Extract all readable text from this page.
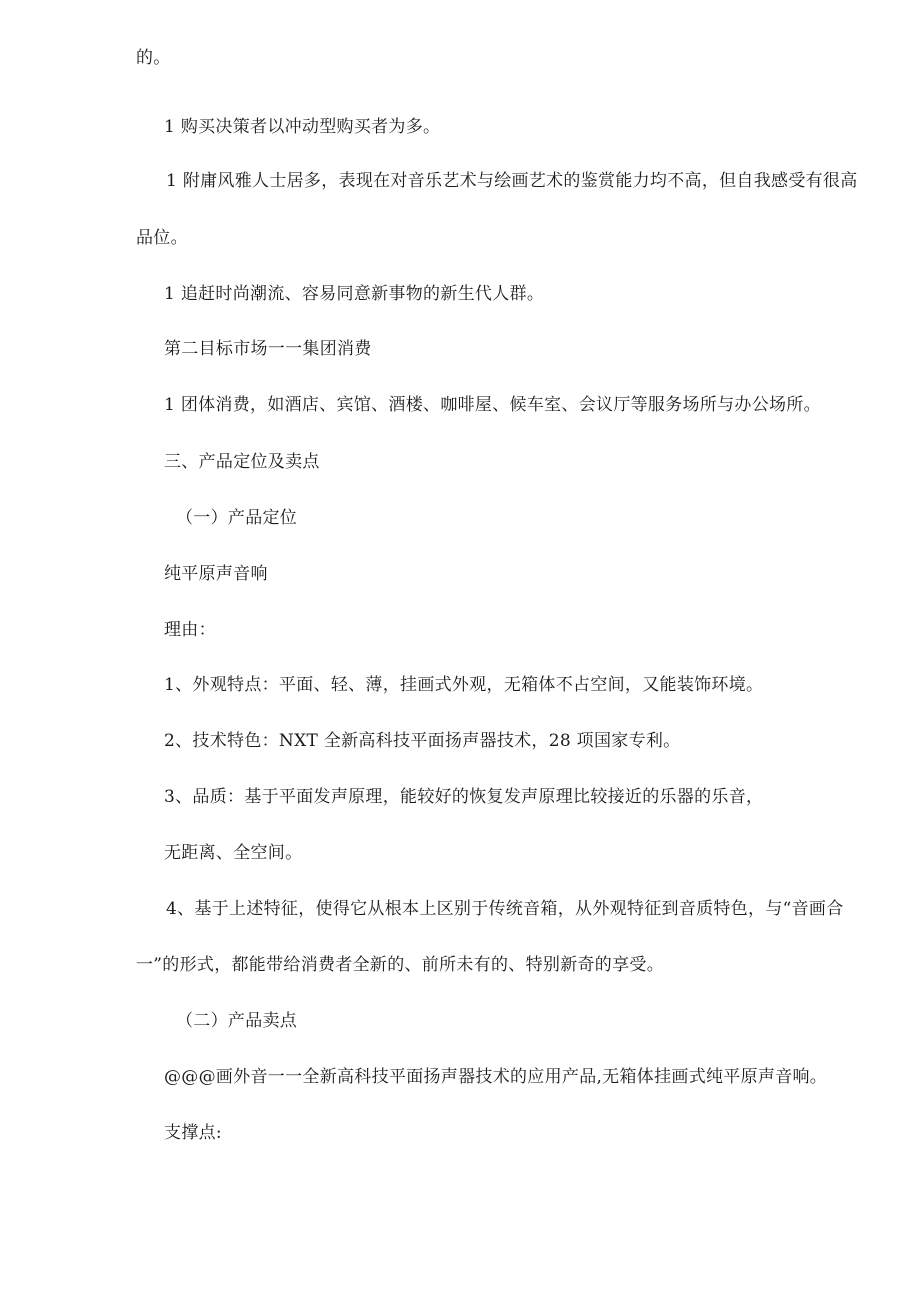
的。
1 购买决策者以冲动型购买者为多。
1 附庸风雅人士居多，表现在对音乐艺术与绘画艺术的鉴赏能力均不高，但自我感受有很高
品位。
1 追赶时尚潮流、容易同意新事物的新生代人群。
第二目标市场一一集团消费
1 团体消费，如酒店、宾馆、酒楼、咖啡屋、候车室、会议厅等服务场所与办公场所。
三、产品定位及卖点
（一）产品定位
纯平原声音响
理由：
1、外观特点：平面、轻、薄，挂画式外观，无箱体不占空间，又能装饰环境。
2、技术特色：NXT 全新高科技平面扬声器技术，28 项国家专利。
3、品质：基于平面发声原理，能较好的恢复发声原理比较接近的乐器的乐音，
无距离、全空间。
4、基于上述特征，使得它从根本上区别于传统音箱，从外观特征到音质特色，与“音画合
一”的形式，都能带给消费者全新的、前所未有的、特别新奇的享受。
（二）产品卖点
@@@画外音一一全新高科技平面扬声器技术的应用产品,无箱体挂画式纯平原声音响。
支撑点:
